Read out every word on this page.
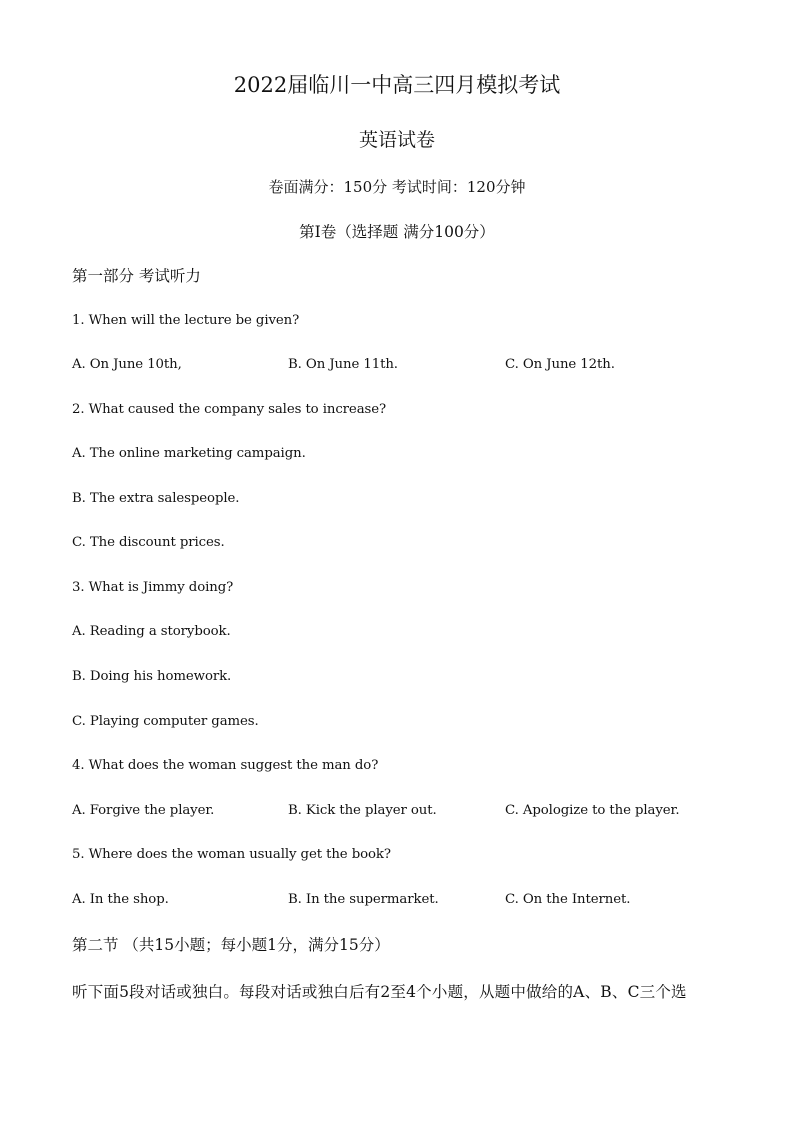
2022届临川一中高三四月模拟考试
英语试卷
卷面满分：150分 考试时间：120分钟
第I卷（选择题 满分100分）
第一部分 考试听力
1. When will the lecture be given?
A. On June 10th,	B. On June 11th.	C. On June 12th.
2. What caused the company sales to increase?
A. The online marketing campaign.
B. The extra salespeople.
C. The discount prices.
3. What is Jimmy doing?
A. Reading a storybook.
B. Doing his homework.
C. Playing computer games.
4. What does the woman suggest the man do?
A. Forgive the player.	B. Kick the player out.	C. Apologize to the player.
5. Where does the woman usually get the book?
A. In the shop.	B. In the supermarket.	C. On the Internet.
第二节 （共15小题；每小题1分，满分15分）
听下面5段对话或独白。每段对话或独白后有2至4个小题，从题中做给的A、B、C三个选
